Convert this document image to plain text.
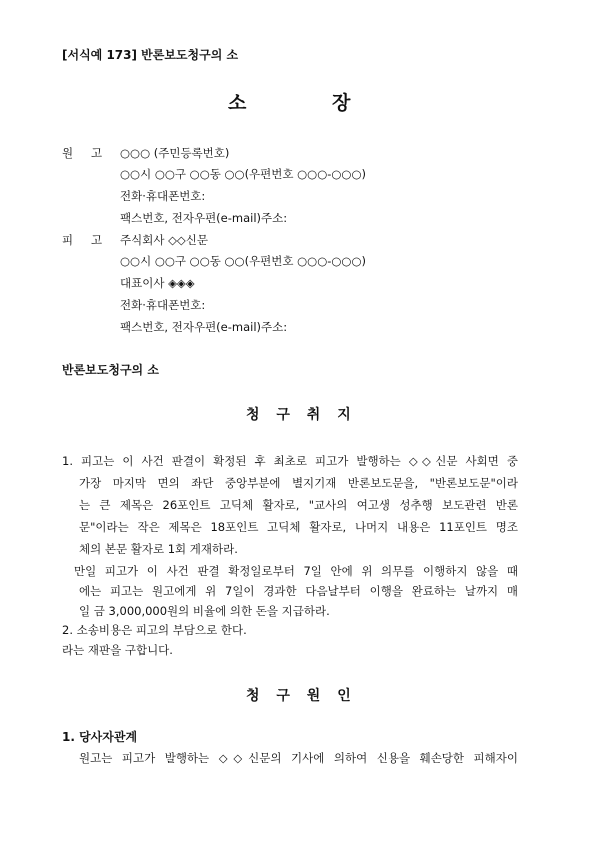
[서식예 173] 반론보도청구의 소
소	장
원 고 ○○○ (주민등록번호)
○○시 ○○구 ○○동 ○○(우편번호 ○○○-○○○)
전화·휴대폰번호:
팩스번호, 전자우편(e-mail)주소:
피 고 주식회사 ◇◇신문
○○시 ○○구 ○○동 ○○(우편번호 ○○○-○○○)
대표이사 ◈◈◈
전화·휴대폰번호:
팩스번호, 전자우편(e-mail)주소:
반론보도청구의 소
청 구 취 지
1. 피고는 이 사건 판결이 확정된 후 최초로 피고가 발행하는 ◇◇신문 사회면 중
가장 마지막 면의 좌단 중앙부분에 별지기재 반론보도문을, "반론보도문"이라
는 큰 제목은 26포인트 고딕체 활자로, "교사의 여고생 성추행 보도관련 반론
문"이라는 작은 제목은 18포인트 고딕체 활자로, 나머지 내용은 11포인트 명조
체의 본문 활자로 1회 게재하라.
만일 피고가 이 사건 판결 확정일로부터 7일 안에 위 의무를 이행하지 않을 때
에는 피고는 원고에게 위 7일이 경과한 다음날부터 이행을 완료하는 날까지 매
일 금 3,000,000원의 비율에 의한 돈을 지급하라.
2. 소송비용은 피고의 부담으로 한다.
라는 재판을 구합니다.
청 구 원 인
1. 당사자관계
원고는 피고가 발행하는 ◇◇신문의 기사에 의하여 신용을 훼손당한 피해자이
